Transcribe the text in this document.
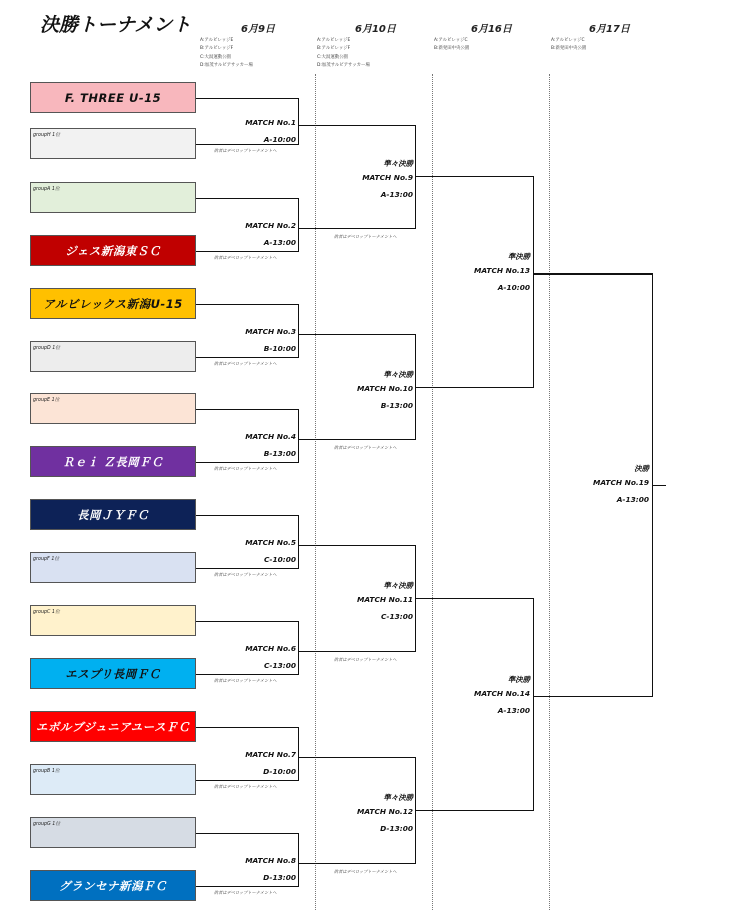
決勝トーナメント	6月9日	6月10日	6月16日	6月17日
A:アルビレッジE
B:アルビレッジF
C:大潟運動公園
D:加茂サルビアサッカー場
A:アルビレッジE
B:アルビレッジF
C:大潟運動公園
D:加茂サルビアサッカー場
A:アルビレッジC
B:新発田中央公園
A:アルビレッジC
B:新発田中央公園
F. THREE U-15
groupH 1位
groupA 1位
ジェス新潟東ＳＣ
アルビレックス新潟U-15
groupD 1位
groupE 1位
Ｒｅｉ Ｚ長岡ＦＣ
長岡ＪＹＦＣ
groupF 1位
groupC 1位
エスプリ長岡ＦＣ
エボルブジュニアユースＦＣ
groupB 1位
groupG 1位
グランセナ新潟ＦＣ
MATCH No.1
A-10:00
敗者はデベロップトーナメントへ
MATCH No.2
A-13:00
敗者はデベロップトーナメントへ
MATCH No.3
B-10:00
敗者はデベロップトーナメントへ
MATCH No.4
B-13:00
敗者はデベロップトーナメントへ
MATCH No.5
C-10:00
敗者はデベロップトーナメントへ
MATCH No.6
C-13:00
敗者はデベロップトーナメントへ
MATCH No.7
D-10:00
敗者はデベロップトーナメントへ
MATCH No.8
D-13:00
敗者はデベロップトーナメントへ
準々決勝
MATCH No.9
A-13:00
敗者はデベロップトーナメントへ
準々決勝
MATCH No.10
B-13:00
敗者はデベロップトーナメントへ
準々決勝
MATCH No.11
C-13:00
敗者はデベロップトーナメントへ
準々決勝
MATCH No.12
D-13:00
敗者はデベロップトーナメントへ
準決勝
MATCH No.13
A-10:00
準決勝
MATCH No.14
A-13:00
決勝
MATCH No.19
A-13:00
